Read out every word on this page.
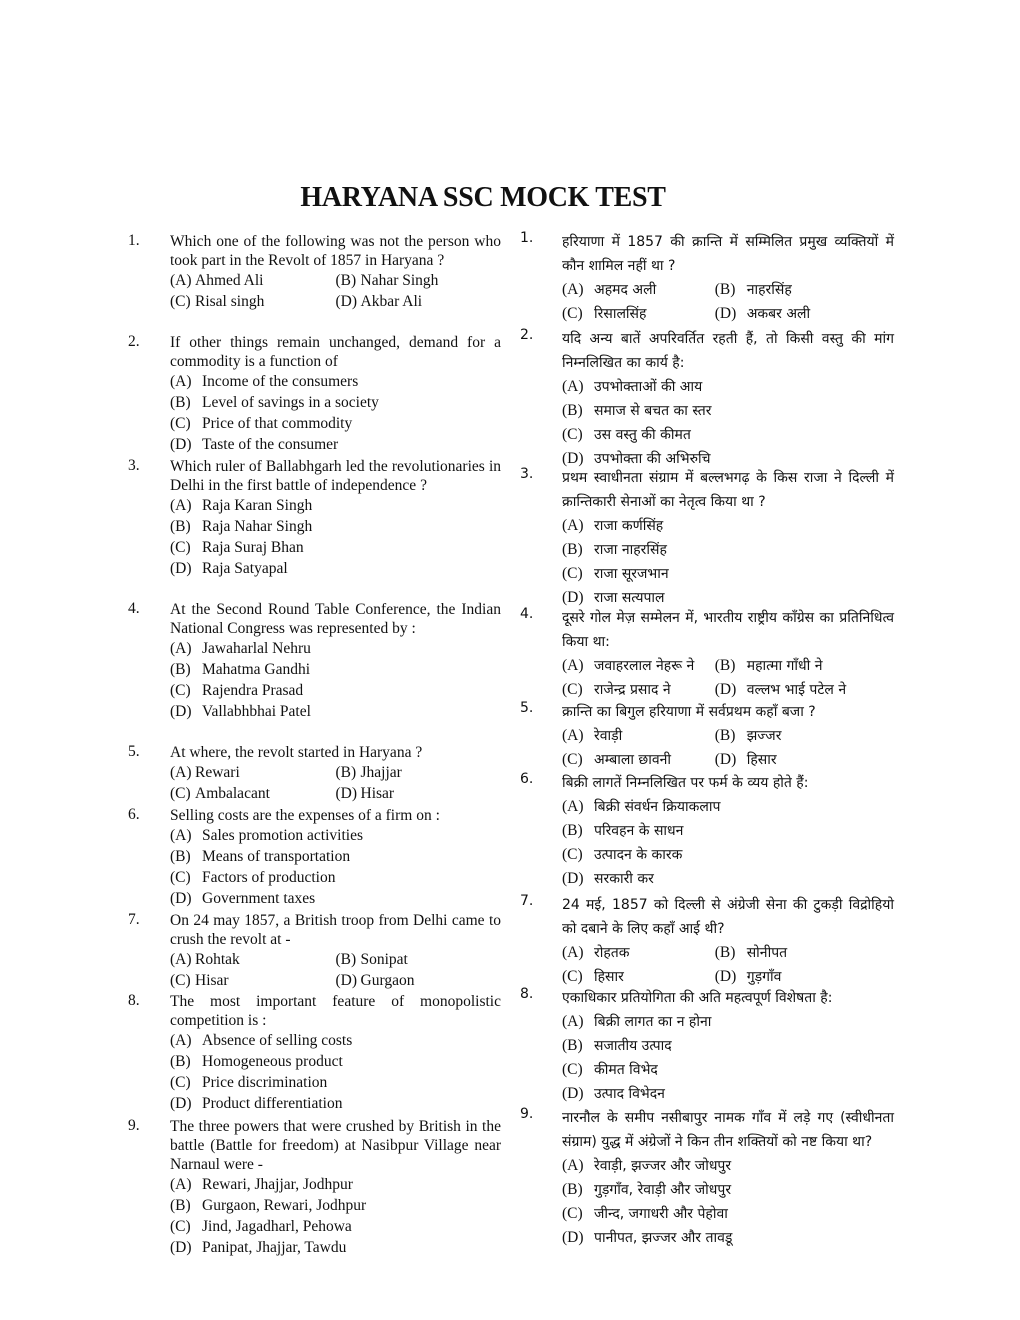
HARYANA SSC MOCK TEST
1. Which one of the following was not the person who took part in the Revolt of 1857 in Haryana ?
(A) Ahmed Ali	(B) Nahar Singh
(C) Risal singh	(D) Akbar Ali
2. If other things remain unchanged, demand for a commodity is a function of
(A) Income of the consumers
(B) Level of savings in a society
(C) Price of that commodity
(D) Taste of the consumer
3. Which ruler of Ballabhgarh led the revolutionaries in Delhi in the first battle of independence ?
(A) Raja Karan Singh
(B) Raja Nahar Singh
(C) Raja Suraj Bhan
(D) Raja Satyapal
4. At the Second Round Table Conference, the Indian National Congress was represented by :
(A) Jawaharlal Nehru
(B) Mahatma Gandhi
(C) Rajendra Prasad
(D) Vallabhbhai Patel
5. At where, the revolt started in Haryana ?
(A) Rewari	(B) Jhajjar
(C) Ambalacant	(D) Hisar
6. Selling costs are the expenses of a firm on :
(A) Sales promotion activities
(B) Means of transportation
(C) Factors of production
(D) Government taxes
7. On 24 may 1857, a British troop from Delhi came to crush the revolt at -
(A) Rohtak	(B) Sonipat
(C) Hisar	(D) Gurgaon
8. The most important feature of monopolistic competition is :
(A) Absence of selling costs
(B) Homogeneous product
(C) Price discrimination
(D) Product differentiation
9. The three powers that were crushed by British in the battle (Battle for freedom) at Nasibpur Village near Narnaul were -
(A) Rewari, Jhajjar, Jodhpur
(B) Gurgaon, Rewari, Jodhpur
(C) Jind, Jagadharl, Pehowa
(D) Panipat, Jhajjar, Tawdu
1. हरियाणा में 1857 की क्रान्ति में सम्मिलित प्रमुख व्यक्तियों में कौन शामिल नहीं था ?
(A) अहमद अली	(B) नाहरसिंह
(C) रिसालसिंह	(D) अकबर अली
2. यदि अन्य बातें अपरिवर्तित रहती हैं, तो किसी वस्तु की मांग निम्नलिखित का कार्य है:
(A) उपभोक्ताओं की आय
(B) समाज से बचत का स्तर
(C) उस वस्तु की कीमत
(D) उपभोक्ता की अभिरुचि
3. प्रथम स्वाधीनता संग्राम में बल्लभगढ़ के किस राजा ने दिल्ली में क्रान्तिकारी सेनाओं का नेतृत्व किया था ?
(A) राजा कर्णसिंह
(B) राजा नाहरसिंह
(C) राजा सूरजभान
(D) राजा सत्यपाल
4. दूसरे गोल मेज़ सम्मेलन में, भारतीय राष्ट्रीय काँग्रेस का प्रतिनिधित्व किया था:
(A) जवाहरलाल नेहरू ने	(B) महात्मा गाँधी ने
(C) राजेन्द्र प्रसाद ने	(D) वल्लभ भाई पटेल ने
5. क्रान्ति का बिगुल हरियाणा में सर्वप्रथम कहाँ बजा ?
(A) रेवाड़ी	(B) झज्जर
(C) अम्बाला छावनी	(D) हिसार
6. बिक्री लागतें निम्नलिखित पर फर्म के व्यय होते हैं:
(A) बिक्री संवर्धन क्रियाकलाप
(B) परिवहन के साधन
(C) उत्पादन के कारक
(D) सरकारी कर
7. 24 मई, 1857 को दिल्ली से अंग्रेजी सेना की टुकड़ी विद्रोहियो को दबाने के लिए कहाँ आई थी?
(A) रोहतक	(B) सोनीपत
(C) हिसार	(D) गुड़गाँव
8. एकाधिकार प्रतियोगिता की अति महत्वपूर्ण विशेषता है:
(A) बिक्री लागत का न होना
(B) सजातीय उत्पाद
(C) कीमत विभेद
(D) उत्पाद विभेदन
9. नारनौल के समीप नसीबापुर नामक गाँव में लड़े गए (स्वीधीनता संग्राम) युद्ध में अंग्रेजों ने किन तीन शक्तियों को नष्ट किया था?
(A) रेवाड़ी, झज्जर और जोधपुर
(B) गुड़गाँव, रेवाड़ी और जोधपुर
(C) जीन्द, जगाधरी और पेहोवा
(D) पानीपत, झज्जर और तावडू
